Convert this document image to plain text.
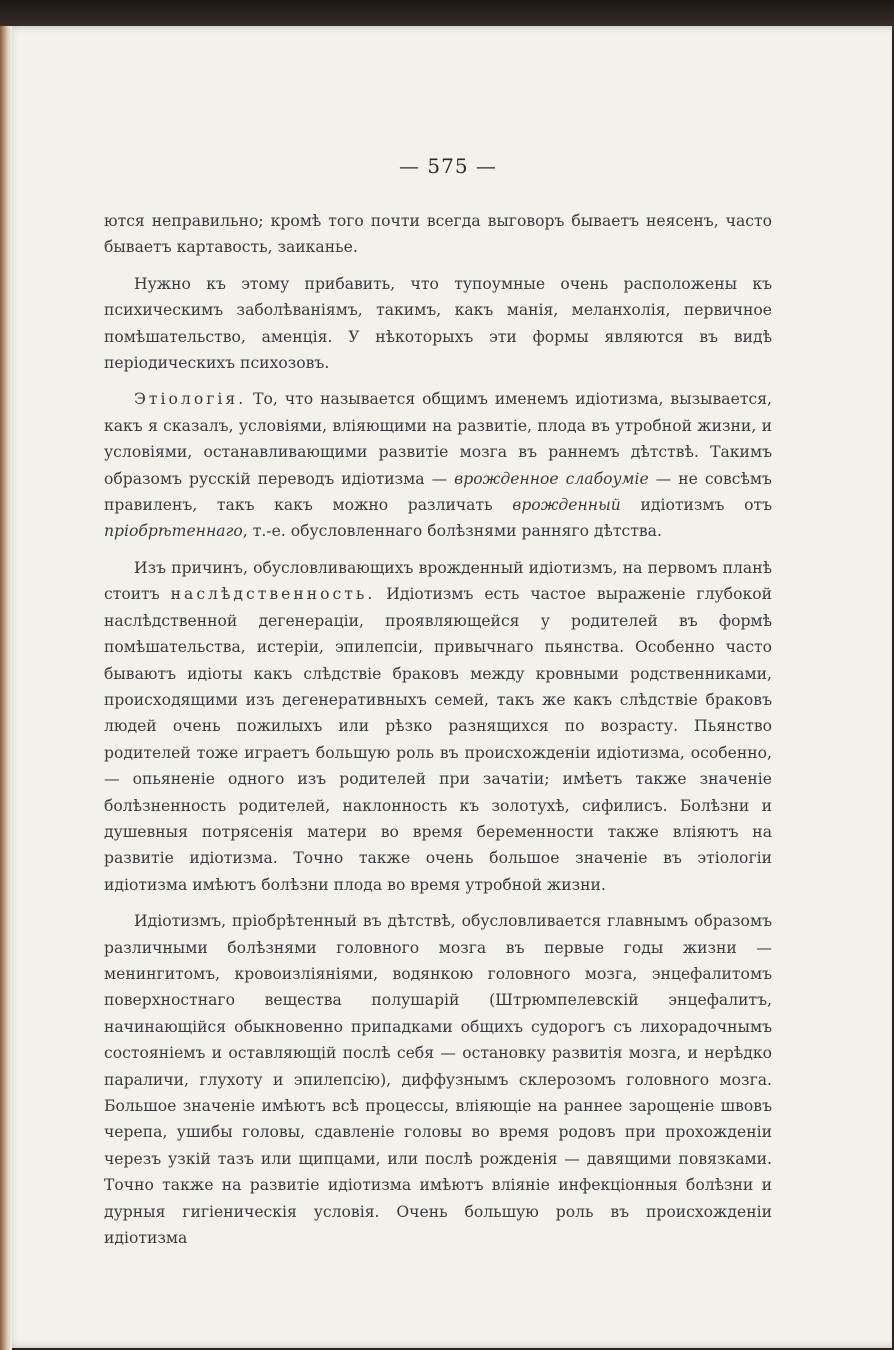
— 575 —

ются неправильно; кромѣ того почти всегда выговоръ бываетъ неясенъ, часто бываетъ картавость, заиканье.

Нужно къ этому прибавить, что тупоумные очень расположены къ психическимъ заболѣваніямъ, такимъ, какъ манія, меланхолія, первичное помѣшательство, аменція. У нѣкоторыхъ эти формы являются въ видѣ періодическихъ психозовъ.

Этіологія. То, что называется общимъ именемъ идіотизма, вызывается, какъ я сказалъ, условіями, вліяющими на развитіе, плода въ утробной жизни, и условіями, останавливающими развитіе мозга въ раннемъ дѣтствѣ. Такимъ образомъ русскій переводъ идіотизма — врожденное слабоуміе — не совсѣмъ правиленъ, такъ какъ можно различать врожденный идіотизмъ отъ пріобрѣтеннаго, т.-е. обусловленнаго болѣзнями ранняго дѣтства.

Изъ причинъ, обусловливающихъ врожденный идіотизмъ, на первомъ планѣ стоитъ наслѣдственность. Идіотизмъ есть частое выраженіе глубокой наслѣдственной дегенераціи, проявляющейся у родителей въ формѣ помѣшательства, истеріи, эпилепсіи, привычнаго пьянства. Особенно часто бываютъ идіоты какъ слѣдствіе браковъ между кровными родственниками, происходящими изъ дегенеративныхъ семей, такъ же какъ слѣдствіе браковъ людей очень пожилыхъ или рѣзко разнящихся по возрасту. Пьянство родителей тоже играетъ большую роль въ происхожденіи идіотизма, особенно, — опьяненіе одного изъ родителей при зачатіи; имѣетъ также значеніе болѣзненность родителей, наклонность къ золотухѣ, сифилисъ. Болѣзни и душевныя потрясенія матери во время беременности также вліяютъ на развитіе идіотизма. Точно также очень большое значеніе въ этіологіи идіотизма имѣютъ болѣзни плода во время утробной жизни.

Идіотизмъ, пріобрѣтенный въ дѣтствѣ, обусловливается главнымъ образомъ различными болѣзнями головного мозга въ первые годы жизни — менингитомъ, кровоизліяніями, водянкою головного мозга, энцефалитомъ поверхностнаго вещества полушарій (Штрюмпелевскій энцефалитъ, начинающійся обыкновенно припадками общихъ судорогъ съ лихорадочнымъ состояніемъ и оставляющій послѣ себя — остановку развитія мозга, и нерѣдко параличи, глухоту и эпилепсію), диффузнымъ склерозомъ головного мозга. Большое значеніе имѣютъ всѣ процессы, вліяющіе на раннее зарощеніе швовъ черепа, ушибы головы, сдавленіе головы во время родовъ при прохожденіи черезъ узкій тазъ или щипцами, или послѣ рожденія — давящими повязками. Точно также на развитіе идіотизма имѣютъ вліяніе инфекціонныя болѣзни и дурныя гигіеническія условія. Очень большую роль въ происхожденіи идіотизма
